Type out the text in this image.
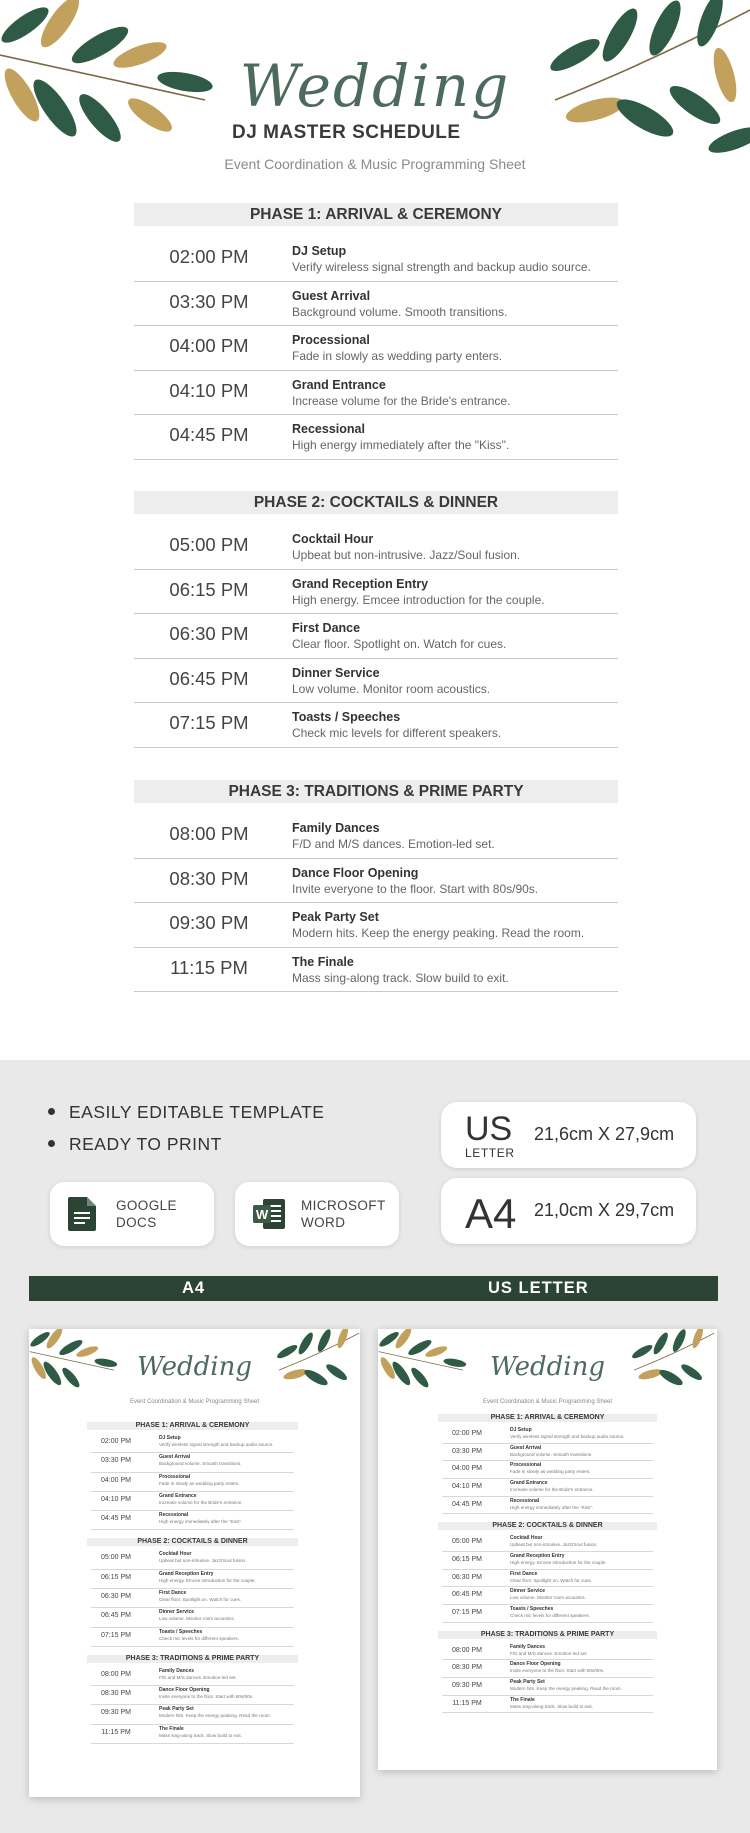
Wedding
DJ MASTER SCHEDULE
Event Coordination & Music Programming Sheet
PHASE 1: ARRIVAL & CEREMONY
02:00 PM	DJ Setup
Verify wireless signal strength and backup audio source.
03:30 PM	Guest Arrival
Background volume. Smooth transitions.
04:00 PM	Processional
Fade in slowly as wedding party enters.
04:10 PM	Grand Entrance
Increase volume for the Bride's entrance.
04:45 PM	Recessional
High energy immediately after the "Kiss".
PHASE 2: COCKTAILS & DINNER
05:00 PM	Cocktail Hour
Upbeat but non-intrusive. Jazz/Soul fusion.
06:15 PM	Grand Reception Entry
High energy. Emcee introduction for the couple.
06:30 PM	First Dance
Clear floor. Spotlight on. Watch for cues.
06:45 PM	Dinner Service
Low volume. Monitor room acoustics.
07:15 PM	Toasts / Speeches
Check mic levels for different speakers.
PHASE 3: TRADITIONS & PRIME PARTY
08:00 PM	Family Dances
F/D and M/S dances. Emotion-led set.
08:30 PM	Dance Floor Opening
Invite everyone to the floor. Start with 80s/90s.
09:30 PM	Peak Party Set
Modern hits. Keep the energy peaking. Read the room.
11:15 PM	The Finale
Mass sing-along track. Slow build to exit.
EASILY EDITABLE TEMPLATE
READY TO PRINT
GOOGLE
DOCS
W
MICROSOFT
WORD
US
LETTER
21,6cm X 27,9cm
A4 21,0cm X 29,7cm
A4	US LETTER
Wedding
Event Coordination & Music Programming Sheet
PHASE 1: ARRIVAL & CEREMONY
02:00 PM	DJ Setup
Verify wireless signal strength and backup audio source.
03:30 PM	Guest Arrival
Background volume. Smooth transitions.
04:00 PM	Processional
Fade in slowly as wedding party enters.
04:10 PM	Grand Entrance
Increase volume for the Bride's entrance.
04:45 PM	Recessional
High energy immediately after the "Kiss".
PHASE 2: COCKTAILS & DINNER
05:00 PM	Cocktail Hour
Upbeat but non-intrusive. Jazz/Soul fusion.
06:15 PM	Grand Reception Entry
High energy. Emcee introduction for the couple.
06:30 PM	First Dance
Clear floor. Spotlight on. Watch for cues.
06:45 PM	Dinner Service
Low volume. Monitor room acoustics.
07:15 PM	Toasts / Speeches
Check mic levels for different speakers.
PHASE 3: TRADITIONS & PRIME PARTY
08:00 PM	Family Dances
F/D and M/S dances. Emotion-led set.
08:30 PM	Dance Floor Opening
Invite everyone to the floor. Start with 80s/90s.
09:30 PM	Peak Party Set
Modern hits. Keep the energy peaking. Read the room.
11:15 PM	The Finale
Mass sing-along track. Slow build to exit.
Wedding
Event Coordination & Music Programming Sheet
PHASE 1: ARRIVAL & CEREMONY
02:00 PM	DJ Setup
Verify wireless signal strength and backup audio source.
03:30 PM	Guest Arrival
Background volume. Smooth transitions.
04:00 PM	Processional
Fade in slowly as wedding party enters.
04:10 PM	Grand Entrance
Increase volume for the Bride's entrance.
04:45 PM	Recessional
High energy immediately after the "Kiss".
PHASE 2: COCKTAILS & DINNER
05:00 PM	Cocktail Hour
Upbeat but non-intrusive. Jazz/Soul fusion.
06:15 PM	Grand Reception Entry
High energy. Emcee introduction for the couple.
06:30 PM	First Dance
Clear floor. Spotlight on. Watch for cues.
06:45 PM	Dinner Service
Low volume. Monitor room acoustics.
07:15 PM	Toasts / Speeches
Check mic levels for different speakers.
PHASE 3: TRADITIONS & PRIME PARTY
08:00 PM	Family Dances
F/D and M/S dances. Emotion-led set.
08:30 PM	Dance Floor Opening
Invite everyone to the floor. Start with 80s/90s.
09:30 PM	Peak Party Set
Modern hits. Keep the energy peaking. Read the room.
11:15 PM	The Finale
Mass sing-along track. Slow build to exit.
